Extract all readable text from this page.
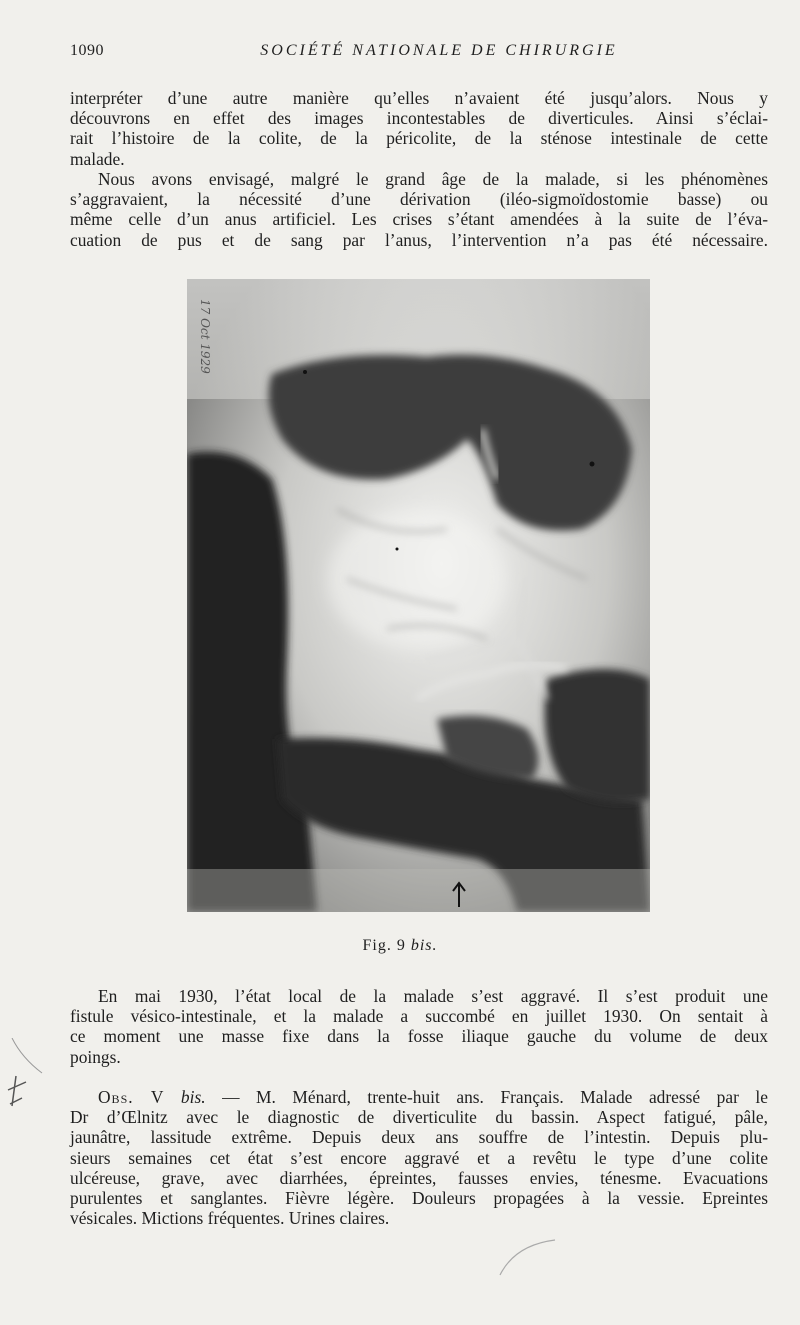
1090	SOCIÉTÉ NATIONALE DE CHIRURGIE

interpréter d’une autre manière qu’elles n’avaient été jusqu’alors. Nous y
découvrons en effet des images incontestables de diverticules. Ainsi s’éclai-
rait l’histoire de la colite, de la péricolite, de la sténose intestinale de cette
malade.

Nous avons envisagé, malgré le grand âge de la malade, si les phénomènes
s’aggravaient, la nécessité d’une dérivation (iléo-sigmoïdostomie basse) ou
même celle d’un anus artificiel. Les crises s’étant amendées à la suite de l’éva-
cuation de pus et de sang par l’anus, l’intervention n’a pas été nécessaire.

17 Oct 1929
Fig. 9 bis.

En mai 1930, l’état local de la malade s’est aggravé. Il s’est produit une
fistule vésico-intestinale, et la malade a succombé en juillet 1930. On sentait à
ce moment une masse fixe dans la fosse iliaque gauche du volume de deux
poings.

Obs. V bis. — M. Ménard, trente-huit ans. Français. Malade adressé par le
Dr d’Œlnitz avec le diagnostic de diverticulite du bassin. Aspect fatigué, pâle,
jaunâtre, lassitude extrême. Depuis deux ans souffre de l’intestin. Depuis plu-
sieurs semaines cet état s’est encore aggravé et a revêtu le type d’une colite
ulcéreuse, grave, avec diarrhées, épreintes, fausses envies, ténesme. Evacuations
purulentes et sanglantes. Fièvre légère. Douleurs propagées à la vessie. Epreintes
vésicales. Mictions fréquentes. Urines claires.
